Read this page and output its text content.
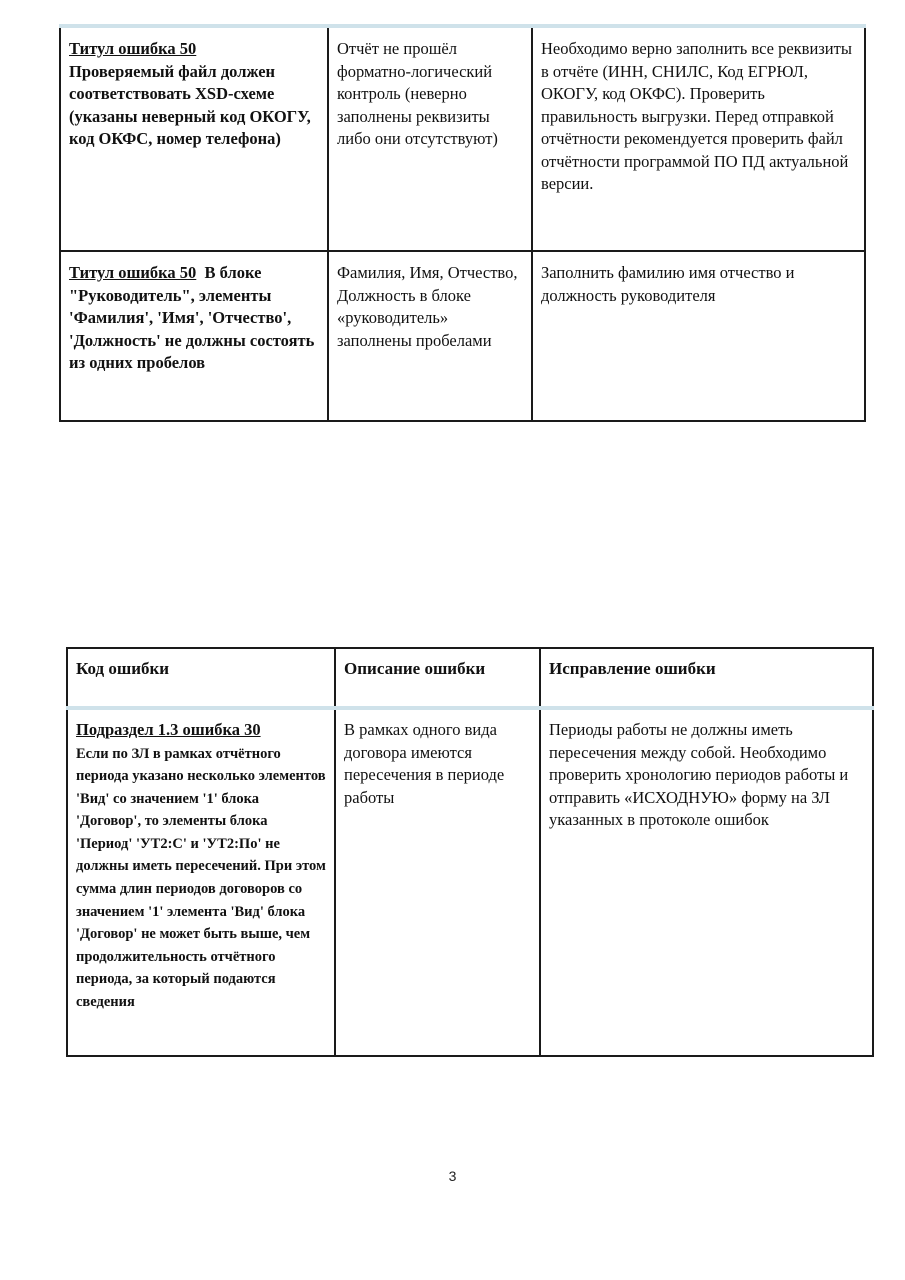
Титул ошибка 50
Проверяемый файл должен соответствовать XSD-схеме (указаны неверный код ОКОГУ, код ОКФС, номер телефона)	Отчёт не прошёл форматно-логический контроль (неверно заполнены реквизиты либо они отсутствуют)	Необходимо верно заполнить все реквизиты в отчёте (ИНН, СНИЛС, Код ЕГРЮЛ, ОКОГУ, код ОКФС). Проверить правильность выгрузки. Перед отправкой отчётности рекомендуется проверить файл отчётности программой ПО ПД актуальной версии.
Титул ошибка 50 В блоке "Руководитель", элементы 'Фамилия', 'Имя', 'Отчество', 'Должность' не должны состоять из одних пробелов	Фамилия, Имя, Отчество, Должность в блоке «руководитель» заполнены пробелами	Заполнить фамилию имя отчество и должность руководителя
Код ошибки	Описание ошибки	Исправление ошибки
Подраздел 1.3 ошибка 30
Если по ЗЛ в рамках отчётного периода указано несколько элементов 'Вид' со значением '1' блока 'Договор', то элементы блока 'Период' 'УТ2:С' и 'УТ2:По' не должны иметь пересечений. При этом сумма длин периодов договоров со значением '1' элемента 'Вид' блока 'Договор' не может быть выше, чем продолжительность отчётного периода, за который подаются сведения	В рамках одного вида договора имеются пересечения в периоде работы	Периоды работы не должны иметь пересечения между собой. Необходимо проверить хронологию периодов работы и отправить «ИСХОДНУЮ» форму на ЗЛ указанных в протоколе ошибок
3
